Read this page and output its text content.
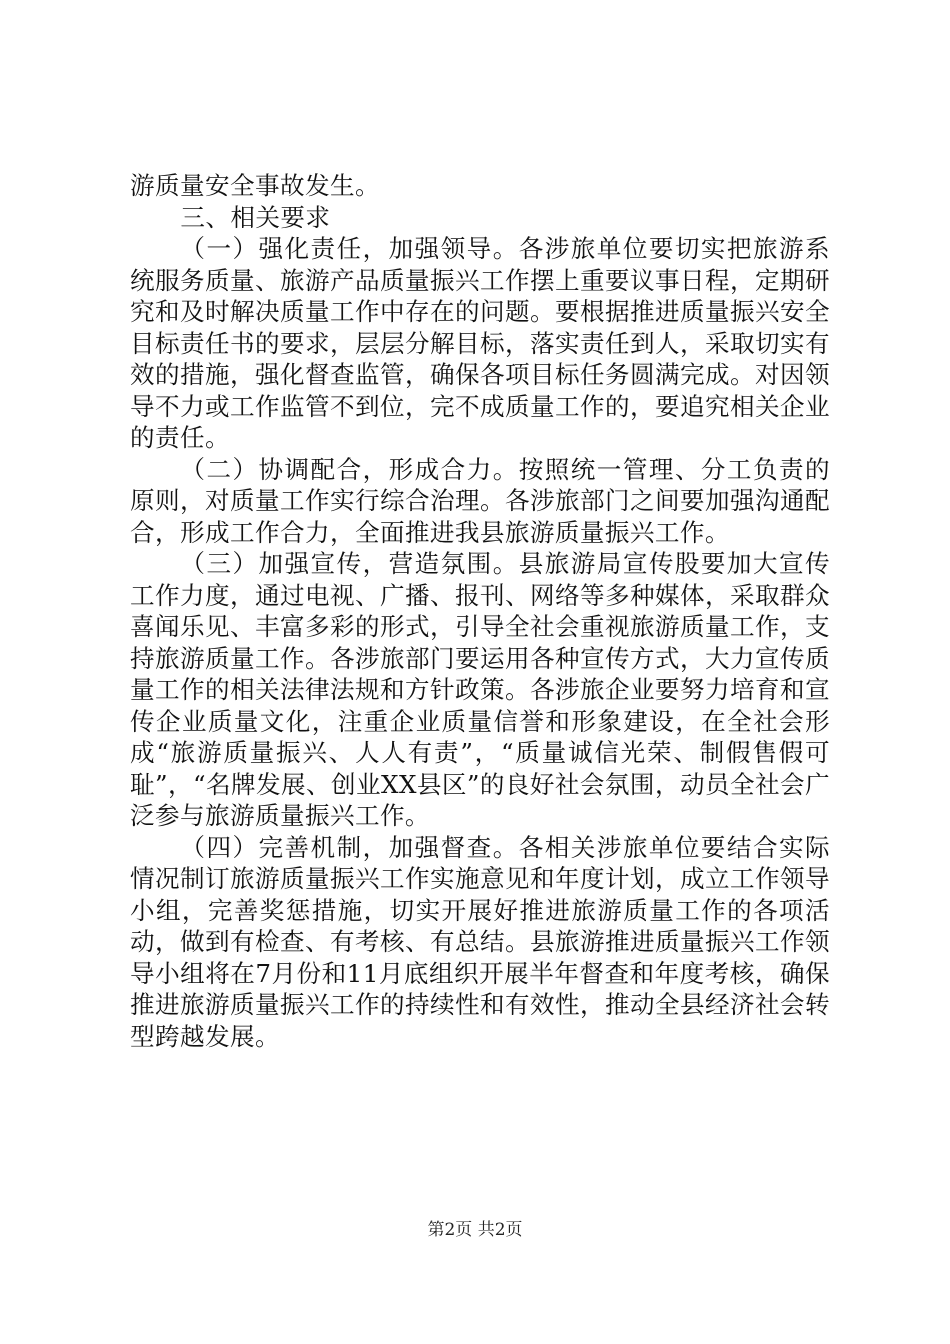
游质量安全事故发生。

三、相关要求

（一）强化责任，加强领导。各涉旅单位要切实把旅游系统服务质量、旅游产品质量振兴工作摆上重要议事日程，定期研究和及时解决质量工作中存在的问题。要根据推进质量振兴安全目标责任书的要求，层层分解目标，落实责任到人，采取切实有效的措施，强化督查监管，确保各项目标任务圆满完成。对因领导不力或工作监管不到位，完不成质量工作的，要追究相关企业的责任。

（二）协调配合，形成合力。按照统一管理、分工负责的原则，对质量工作实行综合治理。各涉旅部门之间要加强沟通配合，形成工作合力，全面推进我县旅游质量振兴工作。

（三）加强宣传，营造氛围。县旅游局宣传股要加大宣传工作力度，通过电视、广播、报刊、网络等多种媒体，采取群众喜闻乐见、丰富多彩的形式，引导全社会重视旅游质量工作，支持旅游质量工作。各涉旅部门要运用各种宣传方式，大力宣传质量工作的相关法律法规和方针政策。各涉旅企业要努力培育和宣传企业质量文化，注重企业质量信誉和形象建设，在全社会形成“旅游质量振兴、人人有责”，“质量诚信光荣、制假售假可耻”，“名牌发展、创业XX县区”的良好社会氛围，动员全社会广泛参与旅游质量振兴工作。

（四）完善机制，加强督查。各相关涉旅单位要结合实际情况制订旅游质量振兴工作实施意见和年度计划，成立工作领导小组，完善奖惩措施，切实开展好推进旅游质量工作的各项活动，做到有检查、有考核、有总结。县旅游推进质量振兴工作领导小组将在7月份和11月底组织开展半年督查和年度考核，确保推进旅游质量振兴工作的持续性和有效性，推动全县经济社会转型跨越发展。

第2页 共2页
